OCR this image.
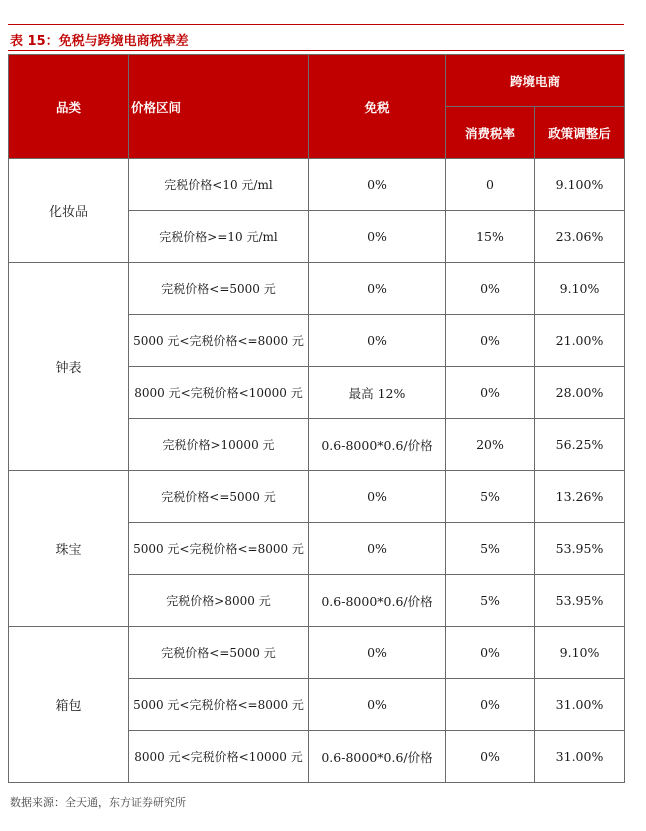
表 15：免税与跨境电商税率差
品类	价格区间	免税	跨境电商	
			消费税率	政策调整后
化妆品	完税价格<10 元/ml	0%	0	9.100%
	完税价格>=10 元/ml	0%	15%	23.06%
钟表	完税价格<=5000 元	0%	0%	9.10%
	5000 元<完税价格<=8000 元	0%	0%	21.00%
	8000 元<完税价格<10000 元	最高 12%	0%	28.00%
	完税价格>10000 元	0.6-8000*0.6/价格	20%	56.25%
珠宝	完税价格<=5000 元	0%	5%	13.26%
	5000 元<完税价格<=8000 元	0%	5%	53.95%
	完税价格>8000 元	0.6-8000*0.6/价格	5%	53.95%
箱包	完税价格<=5000 元	0%	0%	9.10%
	5000 元<完税价格<=8000 元	0%	0%	31.00%
	8000 元<完税价格<10000 元	0.6-8000*0.6/价格	0%	31.00%
数据来源：全天通，东方证券研究所
